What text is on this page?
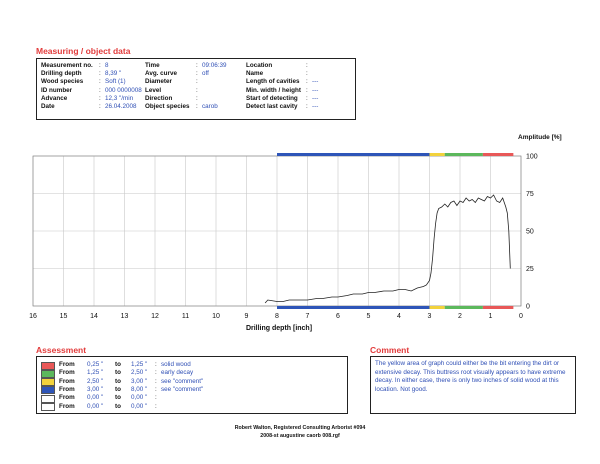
Measuring / object data
Measurement no. : 8	Time	: 09:06:39	Location	:
Drilling depth	: 8,39 "	Avg. curve	: off	Name	:
Wood species	: Soft (1)	Diameter	:	Length of cavities	: ---
ID number	: 000 0000008 Level	:	Min. width / height : ---
Advance	: 12,3 "/min	Direction	:	Start of detecting	: ---
Date	: 26.04.2008	Object species	: carob	Detect last cavity	: ---
16	15	14	13	12	11	10	9	8	7	6	5	4	3	2	1	0
0
25
50
75
100
Amplitude [%]
Drilling depth [inch]
Assessment
From 0,25 " to 1,25 " : solid wood
From 1,25 " to 2,50 " : early decay
From 2,50 " to 3,00 " : see "comment"
From 3,00 " to 8,00 " : see "comment"
From 0,00 " to 0,00 " :
From 0,00 " to 0,00 " :
Comment
The yellow area of graph could either be the bit entering the dirt or extensive decay. This buttress root visually appears to have extreme decay. In either case, there is only two inches of solid wood at this location. Not good.
Robert Walton, Registered Consulting Arborist #094
2008-st augustine caorb 008.rgf
